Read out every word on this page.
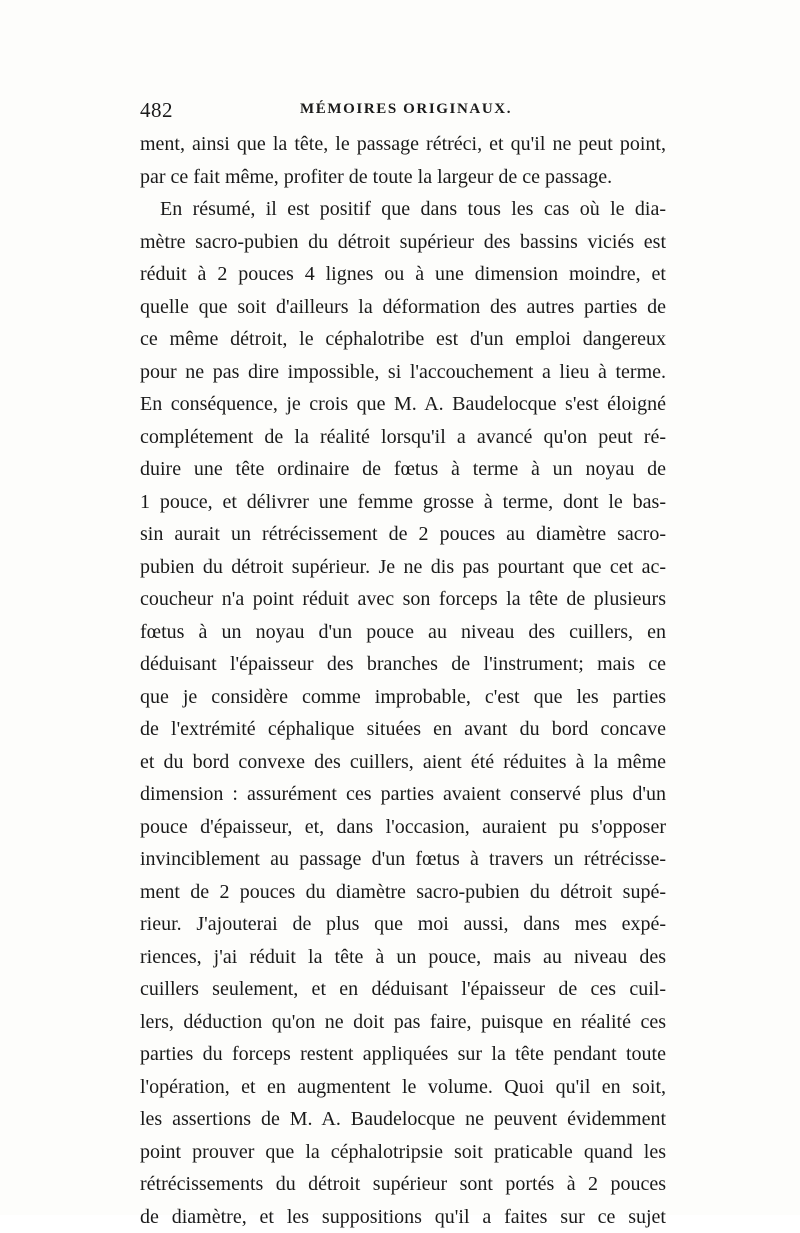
482	MÉMOIRES ORIGINAUX.
ment, ainsi que la tête, le passage rétréci, et qu'il ne peut point,
par ce fait même, profiter de toute la largeur de ce passage.
En résumé, il est positif que dans tous les cas où le dia-
mètre sacro-pubien du détroit supérieur des bassins viciés est
réduit à 2 pouces 4 lignes ou à une dimension moindre, et
quelle que soit d'ailleurs la déformation des autres parties de
ce même détroit, le céphalotribe est d'un emploi dangereux
pour ne pas dire impossible, si l'accouchement a lieu à terme.
En conséquence, je crois que M. A. Baudelocque s'est éloigné
complétement de la réalité lorsqu'il a avancé qu'on peut ré-
duire une tête ordinaire de fœtus à terme à un noyau de
1 pouce, et délivrer une femme grosse à terme, dont le bas-
sin aurait un rétrécissement de 2 pouces au diamètre sacro-
pubien du détroit supérieur. Je ne dis pas pourtant que cet ac-
coucheur n'a point réduit avec son forceps la tête de plusieurs
fœtus à un noyau d'un pouce au niveau des cuillers, en
déduisant l'épaisseur des branches de l'instrument; mais ce
que je considère comme improbable, c'est que les parties
de l'extrémité céphalique situées en avant du bord concave
et du bord convexe des cuillers, aient été réduites à la même
dimension : assurément ces parties avaient conservé plus d'un
pouce d'épaisseur, et, dans l'occasion, auraient pu s'opposer
invinciblement au passage d'un fœtus à travers un rétrécisse-
ment de 2 pouces du diamètre sacro-pubien du détroit supé-
rieur. J'ajouterai de plus que moi aussi, dans mes expé-
riences, j'ai réduit la tête à un pouce, mais au niveau des
cuillers seulement, et en déduisant l'épaisseur de ces cuil-
lers, déduction qu'on ne doit pas faire, puisque en réalité ces
parties du forceps restent appliquées sur la tête pendant toute
l'opération, et en augmentent le volume. Quoi qu'il en soit,
les assertions de M. A. Baudelocque ne peuvent évidemment
point prouver que la céphalotripsie soit praticable quand les
rétrécissements du détroit supérieur sont portés à 2 pouces
de diamètre, et les suppositions qu'il a faites sur ce sujet
